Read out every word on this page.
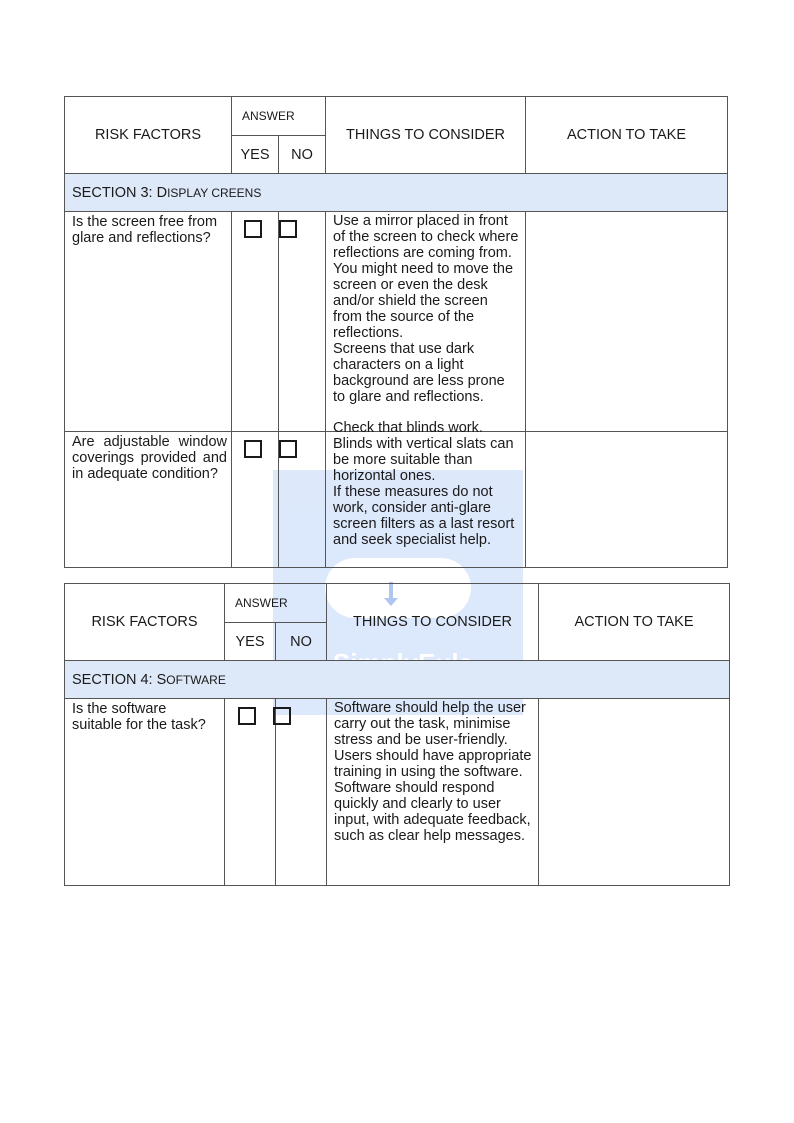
RISK FACTORS	ANSWER		THINGS TO CONSIDER	ACTION TO TAKE
	YES	NO		
SECTION 3: DISPLAY CREENS				
Is the screen free from glare and reflections?			Use a mirror placed in front of the screen to check where reflections are coming from.
You might need to move the screen or even the desk and/or shield the screen from the source of the reflections.
Screens that use dark characters on a light background are less prone to glare and reflections.	

Are adjustable window coverings provided and in adequate condition?			Check that blinds work.
Blinds with vertical slats can be more suitable than horizontal ones.
If these measures do not work, consider anti-glare screen filters as a last resort and seek specialist help.	

RISK FACTORS	ANSWER		THINGS TO CONSIDER	ACTION TO TAKE
	YES	NO		
SECTION 4: SOFTWARE				
Is the software suitable for the task?			Software should help the user carry out the task, minimise stress and be user-friendly.
Users should have appropriate training in using the software.
Software should respond quickly and clearly to user input, with adequate feedback, such as clear help messages.	
